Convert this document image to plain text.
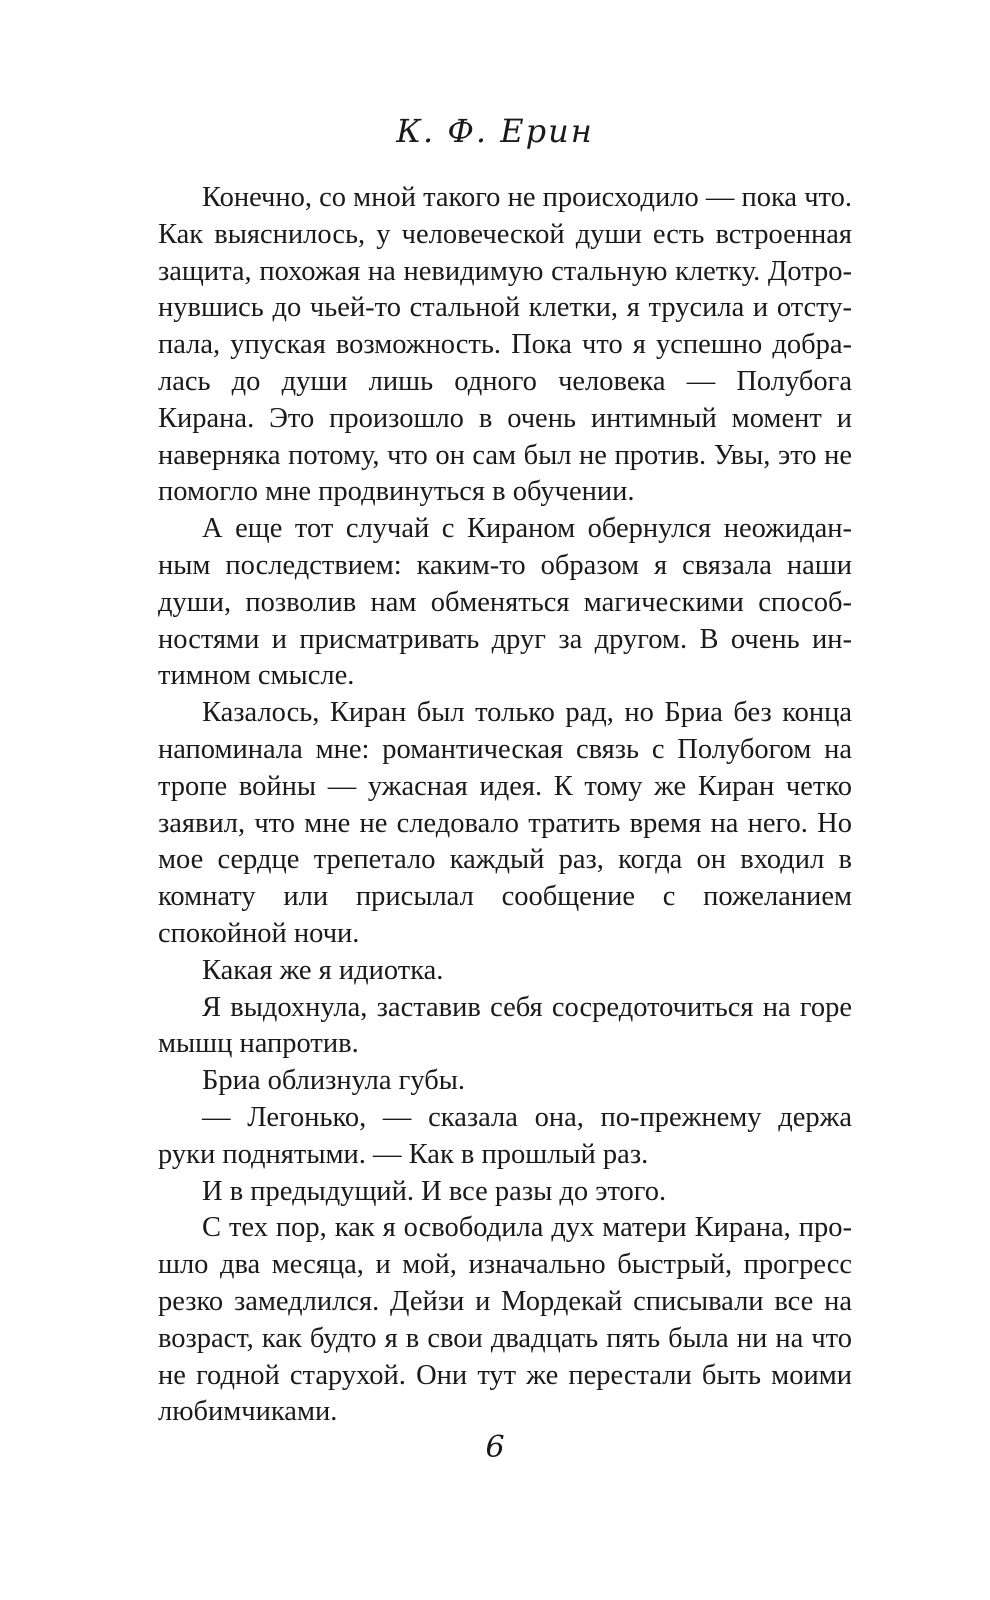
К. Ф. Ерин

Конечно, со мной такого не происходило — пока что. Как выяснилось, у человеческой души есть встроенная защита, похожая на невидимую стальную клетку. Дотронувшись до чьей-то стальной клетки, я трусила и отступала, упуская возможность. Пока что я успешно добралась до души лишь одного человека — Полубога Кирана. Это произошло в очень интимный момент и наверняка потому, что он сам был не против. Увы, это не помогло мне продвинуться в обучении.

А еще тот случай с Кираном обернулся неожиданным последствием: каким-то образом я связала наши души, позволив нам обменяться магическими способностями и присматривать друг за другом. В очень интимном смысле.

Казалось, Киран был только рад, но Бриа без конца напоминала мне: романтическая связь с Полубогом на тропе войны — ужасная идея. К тому же Киран четко заявил, что мне не следовало тратить время на него. Но мое сердце трепетало каждый раз, когда он входил в комнату или присылал сообщение с пожеланием спокойной ночи.

Какая же я идиотка.

Я выдохнула, заставив себя сосредоточиться на горе мышц напротив.

Бриа облизнула губы.

— Легонько, — сказала она, по-прежнему держа руки поднятыми. — Как в прошлый раз.

И в предыдущий. И все разы до этого.

С тех пор, как я освободила дух матери Кирана, прошло два месяца, и мой, изначально быстрый, прогресс резко замедлился. Дейзи и Мордекай списывали все на возраст, как будто я в свои двадцать пять была ни на что не годной старухой. Они тут же перестали быть моими любимчиками.

6
